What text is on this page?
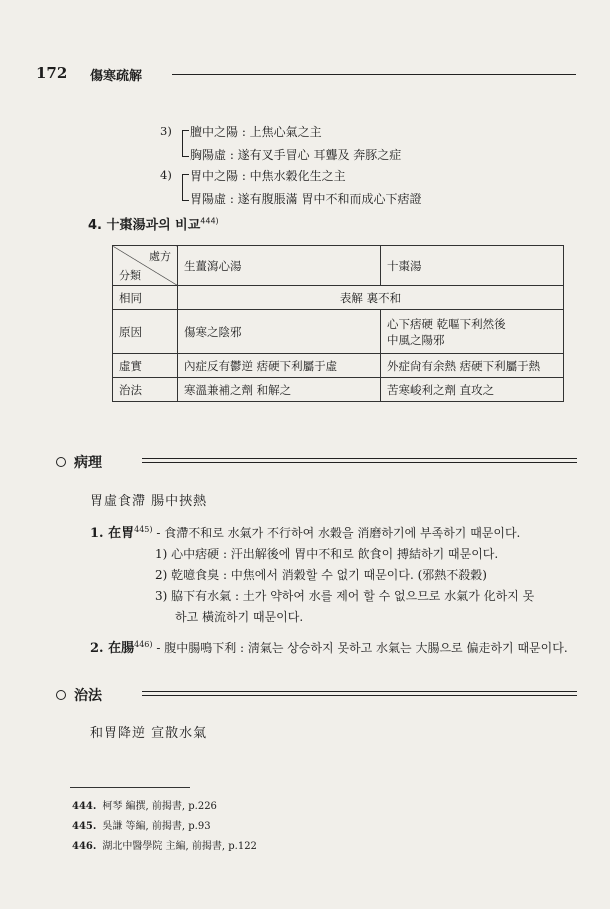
172 傷寒疏解
3) 膻中之陽 : 上焦心氣之主
胸陽虛 : 遂有叉手冒心 耳聾及 奔豚之症
4) 胃中之陽 : 中焦水穀化生之主
胃陽虛 : 遂有腹脹滿 胃中不和而成心下痞證
4. 十棗湯과의 비교$^{444)}$
處方
分類	生薑瀉心湯	十棗湯
相同	表解 裏不和	
原因	傷寒之陰邪	心下痞硬 乾嘔下利然後
中風之陽邪

虛實	內症反有鬱逆 痞硬下利屬于虛	外症尙有余熱 痞硬下利屬于熱
治法	寒溫兼補之劑 和解之	苦寒峻利之劑 直攻之
病理
胃虛食滯 腸中挾熱
1. 在胃$^{445)}$ - 食滯不和로 水氣가 不行하여 水穀을 消磨하기에 부족하기 때문이다.
1) 心中痞硬 : 汗出解後에 胃中不和로 飮食이 搏結하기 때문이다.
2) 乾噫食臭 : 中焦에서 消穀할 수 없기 때문이다. (邪熱不殺穀)
3) 脇下有水氣 : 土가 약하여 水를 제어 할 수 없으므로 水氣가 化하지 못
하고 橫流하기 때문이다.
2. 在腸$^{446)}$ - 腹中腸鳴下利 : 淸氣는 상승하지 못하고 水氣는 大腸으로 偏走하기 때문이다.
治法
和胃降逆 宣散水氣
444. 柯琴 編撰, 前揭書, p.226
445. 吳謙 等編, 前揭書, p.93
446. 湖北中醫學院 主編, 前揭書, p.122
